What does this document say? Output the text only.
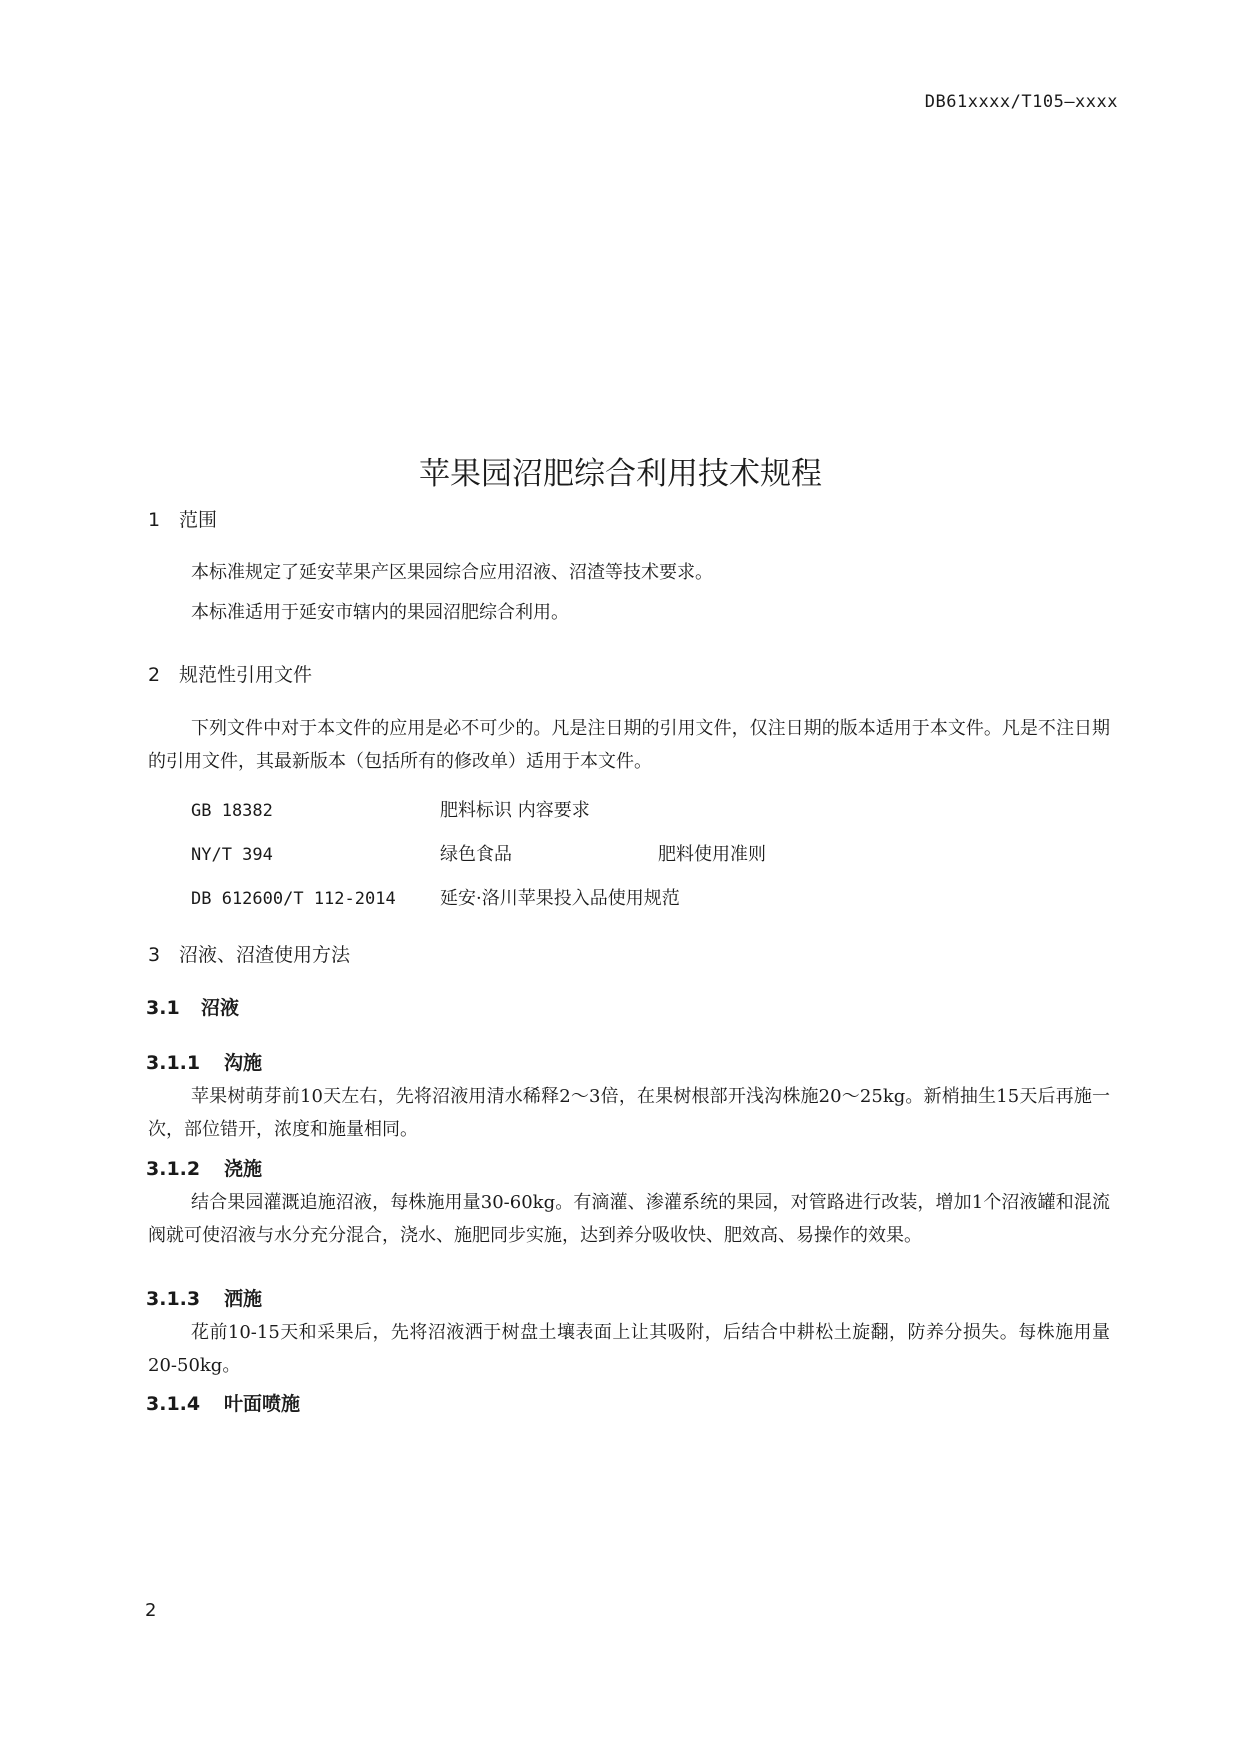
DB61xxxx/T105—xxxx
苹果园沼肥综合利用技术规程
1 范围
本标准规定了延安苹果产区果园综合应用沼液、沼渣等技术要求。
本标准适用于延安市辖内的果园沼肥综合利用。
2 规范性引用文件
下列文件中对于本文件的应用是必不可少的。凡是注日期的引用文件，仅注日期的版本适用于本文件。凡是不注日期的引用文件，其最新版本（包括所有的修改单）适用于本文件。
GB 18382	肥料标识 内容要求
NY/T 394	绿色食品	肥料使用准则
DB 612600/T 112-2014 延安·洛川苹果投入品使用规范
3 沼液、沼渣使用方法
3.1 沼液
3.1.1 沟施
苹果树萌芽前10天左右，先将沼液用清水稀释2～3倍，在果树根部开浅沟株施20～25kg。新梢抽生15天后再施一次，部位错开，浓度和施量相同。
3.1.2 浇施
结合果园灌溉追施沼液，每株施用量30-60kg。有滴灌、渗灌系统的果园，对管路进行改装，增加1个沼液罐和混流阀就可使沼液与水分充分混合，浇水、施肥同步实施，达到养分吸收快、肥效高、易操作的效果。
3.1.3 洒施
花前10-15天和采果后，先将沼液洒于树盘土壤表面上让其吸附，后结合中耕松土旋翻，防养分损失。每株施用量20-50kg。
3.1.4 叶面喷施
2
